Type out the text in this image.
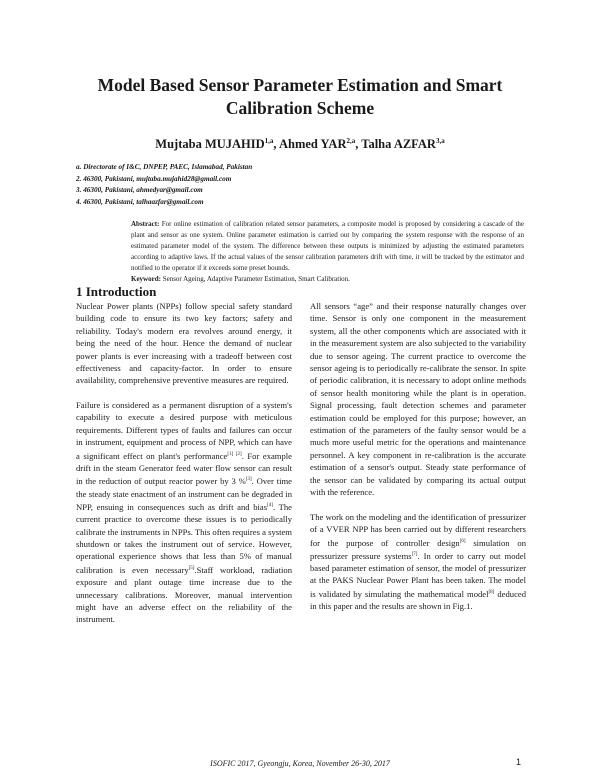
Model Based Sensor Parameter Estimation and Smart
Calibration Scheme
Mujtaba MUJAHID$^{1,a}$, Ahmed YAR$^{2,a}$, Talha AZFAR$^{3,a}$
a. Directorate of I&C, DNPEP, PAEC, Islamabad, Pakistan
2. 46300, Pakistani, mujtaba.mujahid28@gmail.com
3. 46300, Pakistani, ahmedyar@gmail.com
4. 46300, Pakistani, talhaazfar@gmail.com
Abstract: For online estimation of calibration related sensor parameters, a composite model is proposed by considering a cascade of the plant and sensor as one system. Online parameter estimation is carried out by comparing the system response with the response of an estimated parameter model of the system. The difference between these outputs is minimized by adjusting the estimated parameters according to adaptive laws. If the actual values of the sensor calibration parameters drift with time, it will be tracked by the estimator and notified to the operator if it exceeds some preset bounds.
Keyword: Sensor Ageing, Adaptive Parameter Estimation, Smart Calibration.
1 Introduction

Nuclear Power plants (NPPs) follow special safety standard building code to ensure its two key factors; safety and reliability. Today's modern era revolves around energy, it being the need of the hour. Hence the demand of nuclear power plants is ever increasing with a tradeoff between cost effectiveness and capacity-factor. In order to ensure availability, comprehensive preventive measures are required.

Failure is considered as a permanent disruption of a system's capability to execute a desired purpose with meticulous requirements. Different types of faults and failures can occur in instrument, equipment and process of NPP, which can have a significant effect on plant's performance[1] [2]. For example drift in the steam Generator feed water flow sensor can result in the reduction of output reactor power by 3 %[3]. Over time the steady state enactment of an instrument can be degraded in NPP, ensuing in consequences such as drift and bias[4]. The current practice to overcome these issues is to periodically calibrate the instruments in NPPs. This often requires a system shutdown or takes the instrument out of service. However, operational experience shows that less than 5% of manual calibration is even necessary[5].Staff workload, radiation exposure and plant outage time increase due to the unnecessary calibrations. Moreover, manual intervention might have an adverse effect on the reliability of the instrument.

All sensors “age” and their response naturally changes over time. Sensor is only one component in the measurement system, all the other components which are associated with it in the measurement system are also subjected to the variability due to sensor ageing. The current practice to overcome the sensor ageing is to periodically re-calibrate the sensor. In spite of periodic calibration, it is necessary to adopt online methods of sensor health monitoring while the plant is in operation. Signal processing, fault detection schemes and parameter estimation could be employed for this purpose; however, an estimation of the parameters of the faulty sensor would be a much more useful metric for the operations and maintenance personnel. A key component in re-calibration is the accurate estimation of a sensor's output. Steady state performance of the sensor can be validated by comparing its actual output with the reference.

The work on the modeling and the identification of pressurizer of a VVER NPP has been carried out by different researchers for the purpose of controller design[6] simulation on pressurizer pressure systems[7]. In order to carry out model based parameter estimation of sensor, the model of pressurizer at the PAKS Nuclear Power Plant has been taken. The model is validated by simulating the mathematical model[8] deduced in this paper and the results are shown in Fig.1.

ISOFIC 2017, Gyeongju, Korea, November 26-30, 2017	1
